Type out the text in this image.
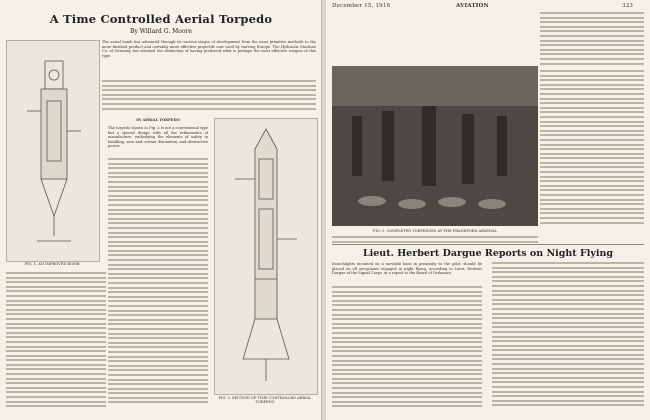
A Time Controlled Aerial Torpedo
By Willard G. Moore
FIG. 1. AN IMPROVED BOMB
The aerial bomb has advanced through its various stages of development from the most primitive methods to the more finished product and certainly more effective projectile now used by warring Europe. The Hydraulic Machine Co. of Germany has attained the distinction of having produced what is perhaps the most effective weapon of this type.
IN AERIAL TORPEDO
The torpedo shown in Fig. 2 is not a conventional type but a special design with all the refinements of manufacture, embodying the elements of safety in handling, sure and certain detonation, and destructive power.
FIG. 2. SECTION OF TIME CONTROLLED AERIAL TORPEDO
December 15, 1916	AVIATION	323
FIG. 3. COMPLETED TORPEDOES AT THE FRANKFORD ARSENAL
Lieut. Herbert Dargue Reports on Night Flying
Searchlights mounted on a movable base in proximity to the pilot, should be placed on all aeroplanes engaged in night flying, according to Lieut. Herbert Dargue of the Signal Corps, in a report to the Board of Ordnance.
